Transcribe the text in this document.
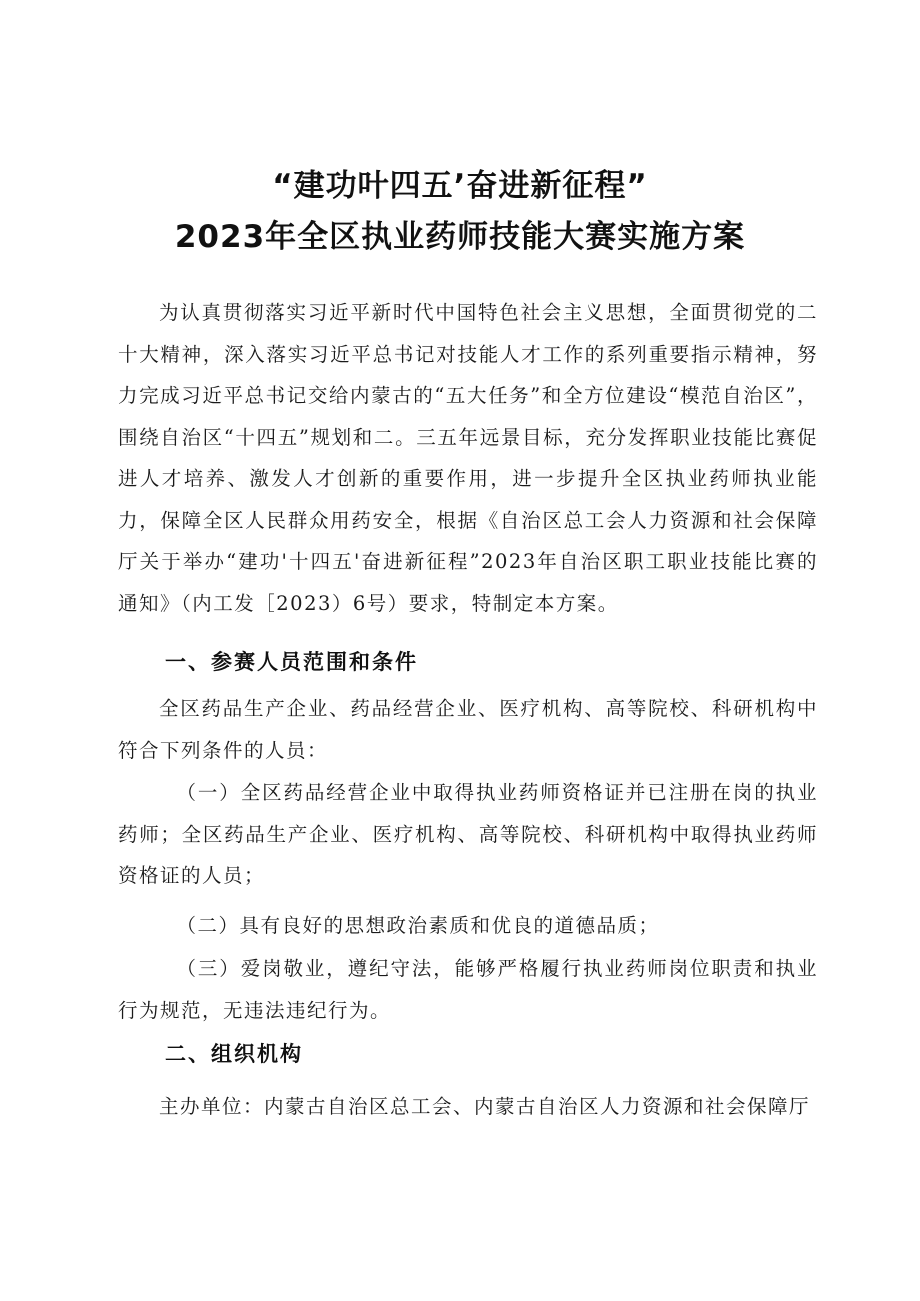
“建功叶四五’奋进新征程”
2023年全区执业药师技能大赛实施方案

为认真贯彻落实习近平新时代中国特色社会主义思想，全面贯彻党的二十大精神，深入落实习近平总书记对技能人才工作的系列重要指示精神，努力完成习近平总书记交给内蒙古的“五大任务”和全方位建设“模范自治区”，围绕自治区“十四五”规划和二。三五年远景目标，充分发挥职业技能比赛促进人才培养、激发人才创新的重要作用，进一步提升全区执业药师执业能力，保障全区人民群众用药安全，根据《自治区总工会人力资源和社会保障厅关于举办“建功'十四五'奋进新征程”2023年自治区职工职业技能比赛的通知》（内工发［2023）6号）要求，特制定本方案。

一、参赛人员范围和条件

全区药品生产企业、药品经营企业、医疗机构、高等院校、科研机构中符合下列条件的人员：

（一）全区药品经营企业中取得执业药师资格证并已注册在岗的执业药师；全区药品生产企业、医疗机构、高等院校、科研机构中取得执业药师资格证的人员；

（二）具有良好的思想政治素质和优良的道德品质；

（三）爱岗敬业，遵纪守法，能够严格履行执业药师岗位职责和执业行为规范，无违法违纪行为。

二、组织机构

主办单位：内蒙古自治区总工会、内蒙古自治区人力资源和社会保障厅
